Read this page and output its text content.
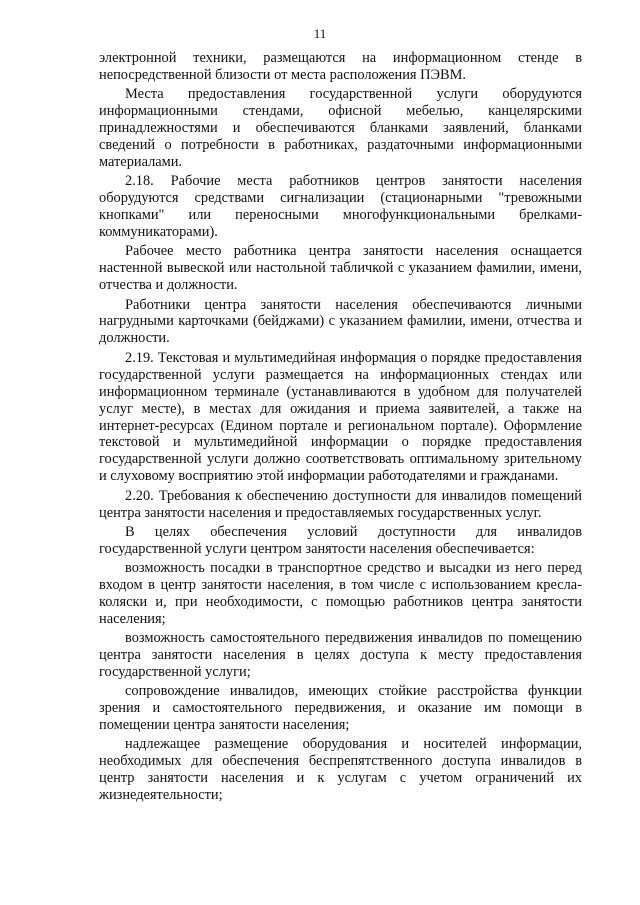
11

электронной техники, размещаются на информационном стенде в непосредственной близости от места расположения ПЭВМ.

Места предоставления государственной услуги оборудуются информационными стендами, офисной мебелью, канцелярскими принадлежностями и обеспечиваются бланками заявлений, бланками сведений о потребности в работниках, раздаточными информационными материалами.

2.18. Рабочие места работников центров занятости населения оборудуются средствами сигнализации (стационарными "тревожными кнопками" или переносными многофункциональными брелками-коммуникаторами).

Рабочее место работника центра занятости населения оснащается настенной вывеской или настольной табличкой с указанием фамилии, имени, отчества и должности.

Работники центра занятости населения обеспечиваются личными нагрудными карточками (бейджами) с указанием фамилии, имени, отчества и должности.

2.19. Текстовая и мультимедийная информация о порядке предоставления государственной услуги размещается на информационных стендах или информационном терминале (устанавливаются в удобном для получателей услуг месте), в местах для ожидания и приема заявителей, а также на интернет-ресурсах (Едином портале и региональном портале). Оформление текстовой и мультимедийной информации о порядке предоставления государственной услуги должно соответствовать оптимальному зрительному и слуховому восприятию этой информации работодателями и гражданами.

2.20. Требования к обеспечению доступности для инвалидов помещений центра занятости населения и предоставляемых государственных услуг.

В целях обеспечения условий доступности для инвалидов государственной услуги центром занятости населения обеспечивается:

возможность посадки в транспортное средство и высадки из него перед входом в центр занятости населения, в том числе с использованием кресла-коляски и, при необходимости, с помощью работников центра занятости населения;

возможность самостоятельного передвижения инвалидов по помещению центра занятости населения в целях доступа к месту предоставления государственной услуги;

сопровождение инвалидов, имеющих стойкие расстройства функции зрения и самостоятельного передвижения, и оказание им помощи в помещении центра занятости населения;

надлежащее размещение оборудования и носителей информации, необходимых для обеспечения беспрепятственного доступа инвалидов в центр занятости населения и к услугам с учетом ограничений их жизнедеятельности;
